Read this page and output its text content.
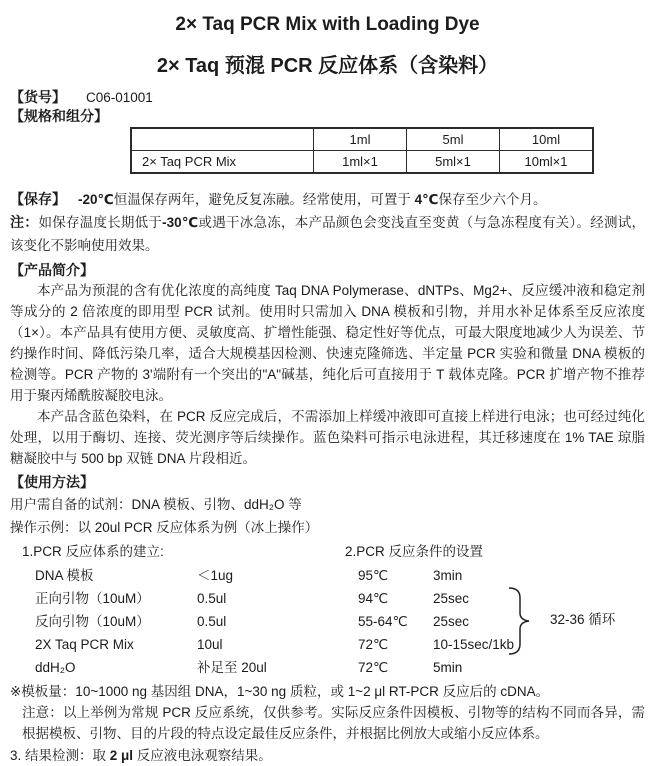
2× Taq PCR Mix with Loading Dye
2× Taq 预混 PCR 反应体系（含染料）
【货号】 C06-01001
【规格和组分】
	1ml	5ml	10ml
2× Taq PCR Mix	1ml×1	5ml×1	10ml×1
【保存】 -20℃恒温保存两年，避免反复冻融。经常使用，可置于 4℃保存至少六个月。
注：如保存温度长期低于-30℃或遇干冰急冻，本产品颜色会变浅直至变黄（与急冻程度有关）。经测试，该变化不影响使用效果。
【产品简介】
本产品为预混的含有优化浓度的高纯度 Taq DNA Polymerase、dNTPs、Mg2+、反应缓冲液和稳定剂等成分的 2 倍浓度的即用型 PCR 试剂。使用时只需加入 DNA 模板和引物，并用水补足体系至反应浓度（1×）。本产品具有使用方便、灵敏度高、扩增性能强、稳定性好等优点，可最大限度地减少人为误差、节约操作时间、降低污染几率，适合大规模基因检测、快速克隆筛选、半定量 PCR 实验和微量 DNA 模板的检测等。PCR 产物的 3'端附有一个突出的"A"碱基，纯化后可直接用于 T 载体克隆。PCR 扩增产物不推荐用于聚丙烯酰胺凝胶电泳。
本产品含蓝色染料，在 PCR 反应完成后，不需添加上样缓冲液即可直接上样进行电泳；也可经过纯化处理，以用于酶切、连接、荧光测序等后续操作。蓝色染料可指示电泳进程，其迁移速度在 1% TAE 琼脂糖凝胶中与 500 bp 双链 DNA 片段相近。
【使用方法】
用户需自备的试剂：DNA 模板、引物、ddH₂O 等
操作示例：以 20ul PCR 反应体系为例（冰上操作）
1.PCR 反应体系的建立:
DNA 模板	＜1ug
正向引物（10uM）	0.5ul
反向引物（10uM）	0.5ul
2X Taq PCR Mix	10ul
ddH₂O	补足至 20ul
2.PCR 反应条件的设置
95℃	3min
94℃	25sec
55-64℃ 25sec
72℃	10-15sec/1kb
72℃	5min
32-36 循环
※模板量：10~1000 ng 基因组 DNA，1~30 ng 质粒，或 1~2 μl RT-PCR 反应后的 cDNA。
注意：以上举例为常规 PCR 反应系统，仅供参考。实际反应条件因模板、引物等的结构不同而各异，需根据模板、引物、目的片段的特点设定最佳反应条件，并根据比例放大或缩小反应体系。
3. 结果检测：取 2 μl 反应液电泳观察结果。
